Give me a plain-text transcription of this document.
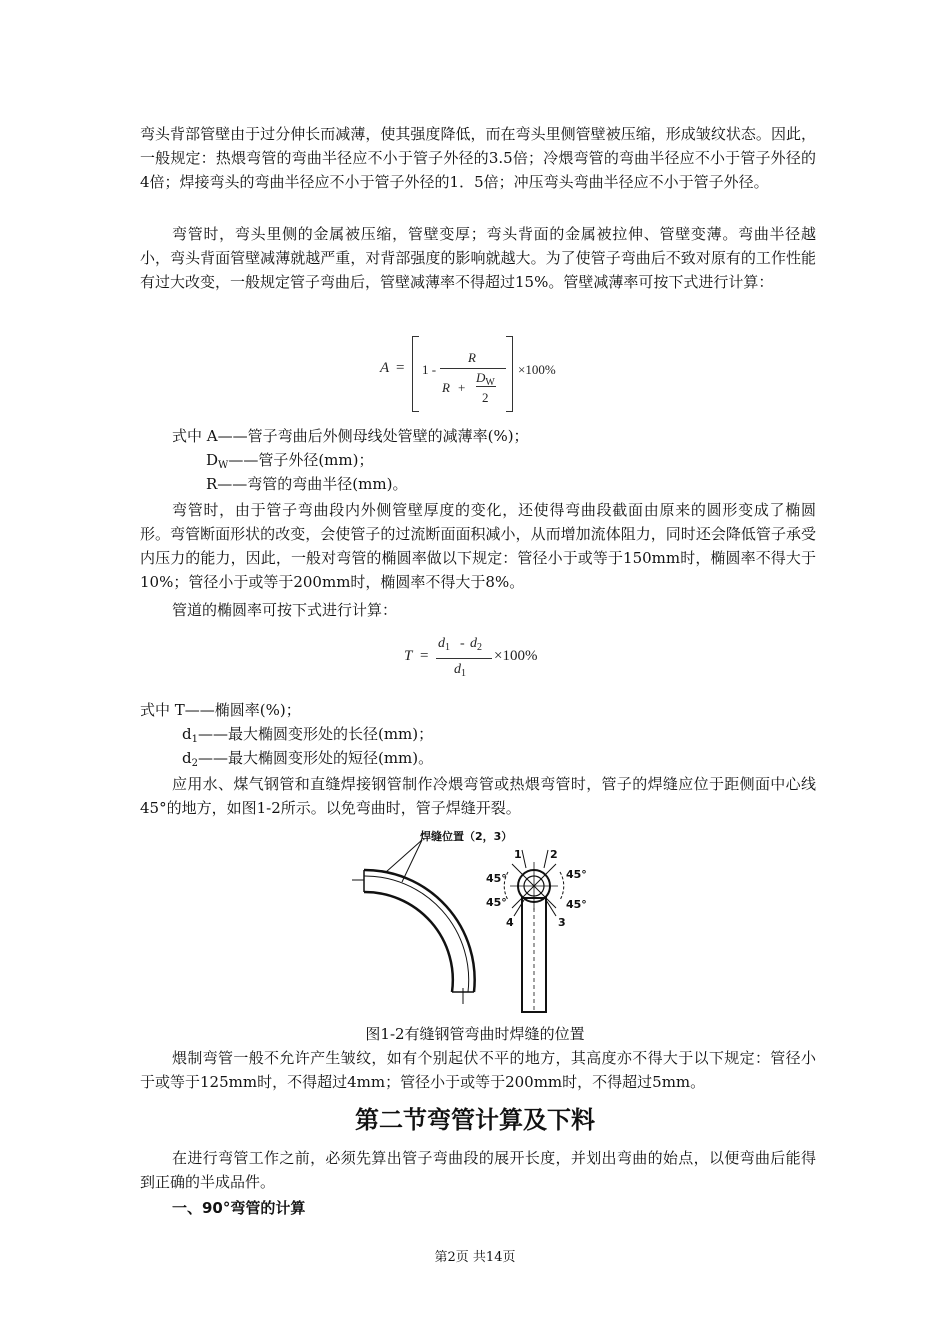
弯头背部管壁由于过分伸长而减薄，使其强度降低，而在弯头里侧管壁被压缩，形成皱纹状态。因此，一般规定：热煨弯管的弯曲半径应不小于管子外径的3.5倍；冷煨弯管的弯曲半径应不小于管子外径的4倍；焊接弯头的弯曲半径应不小于管子外径的1．5倍；冲压弯头弯曲半径应不小于管子外径。

弯管时，弯头里侧的金属被压缩，管壁变厚；弯头背面的金属被拉伸、管壁变薄。弯曲半径越小，弯头背面管壁减薄就越严重，对背部强度的影响就越大。为了使管子弯曲后不致对原有的工作性能有过大改变，一般规定管子弯曲后，管壁减薄率不得超过15%。管壁减薄率可按下式进行计算：

A = 1 -
R
R +
$D_W$
2
×100%

式中 A——管子弯曲后外侧母线处管壁的减薄率(%)；

$D_W——$管子外径(mm)；

R——弯管的弯曲半径(mm)。

弯管时，由于管子弯曲段内外侧管壁厚度的变化，还使得弯曲段截面由原来的圆形变成了椭圆形。弯管断面形状的改变，会使管子的过流断面面积减小，从而增加流体阻力，同时还会降低管子承受内压力的能力，因此，一般对弯管的椭圆率做以下规定：管径小于或等于150mm时，椭圆率不得大于10%；管径小于或等于200mm时，椭圆率不得大于8%。

管道的椭圆率可按下式进行计算：

T =
$d_1 - d_2$
$d_1$
×100%

式中 T——椭圆率(%)；

$d_1——$最大椭圆变形处的长径(mm)；

$d_2——$最大椭圆变形处的短径(mm)。

应用水、煤气钢管和直缝焊接钢管制作冷煨弯管或热煨弯管时，管子的焊缝应位于距侧面中心线45°的地方，如图1-2所示。以免弯曲时，管子焊缝开裂。

焊缝位置（2，3）
1	2
3
4
45°	45°
45°	45°

图1-2有缝钢管弯曲时焊缝的位置

煨制弯管一般不允许产生皱纹，如有个别起伏不平的地方，其高度亦不得大于以下规定：管径小于或等于125mm时，不得超过4mm；管径小于或等于200mm时，不得超过5mm。

第二节弯管计算及下料

在进行弯管工作之前，必须先算出管子弯曲段的展开长度，并划出弯曲的始点，以便弯曲后能得到正确的半成品件。

一、90°弯管的计算

第2页 共14页
